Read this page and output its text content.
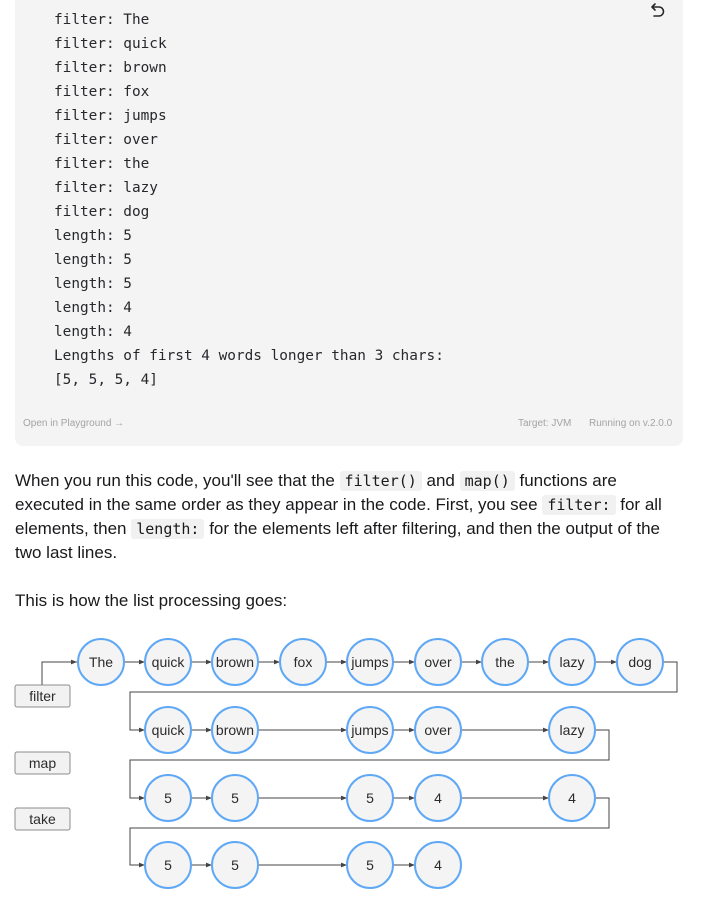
filter: The
filter: quick
filter: brown
filter: fox
filter: jumps
filter: over
filter: the
filter: lazy
filter: dog
length: 5
length: 5
length: 5
length: 4
length: 4
Lengths of first 4 words longer than 3 chars:
[5, 5, 5, 4]
Open in Playground →	Target: JVM Running on v.2.0.0

When you run this code, you'll see that the filter() and map() functions are executed in the same order as they appear in the code. First, you see filter: for all elements, then length: for the elements left after filtering, and then the output of the two last lines.

This is how the list processing goes:

filter
map
take
The	quick brown	fox	jumps	over	the	lazy	dog
quick brown	jumps	over	lazy
5	5	5	4	4
5	5	5	4
